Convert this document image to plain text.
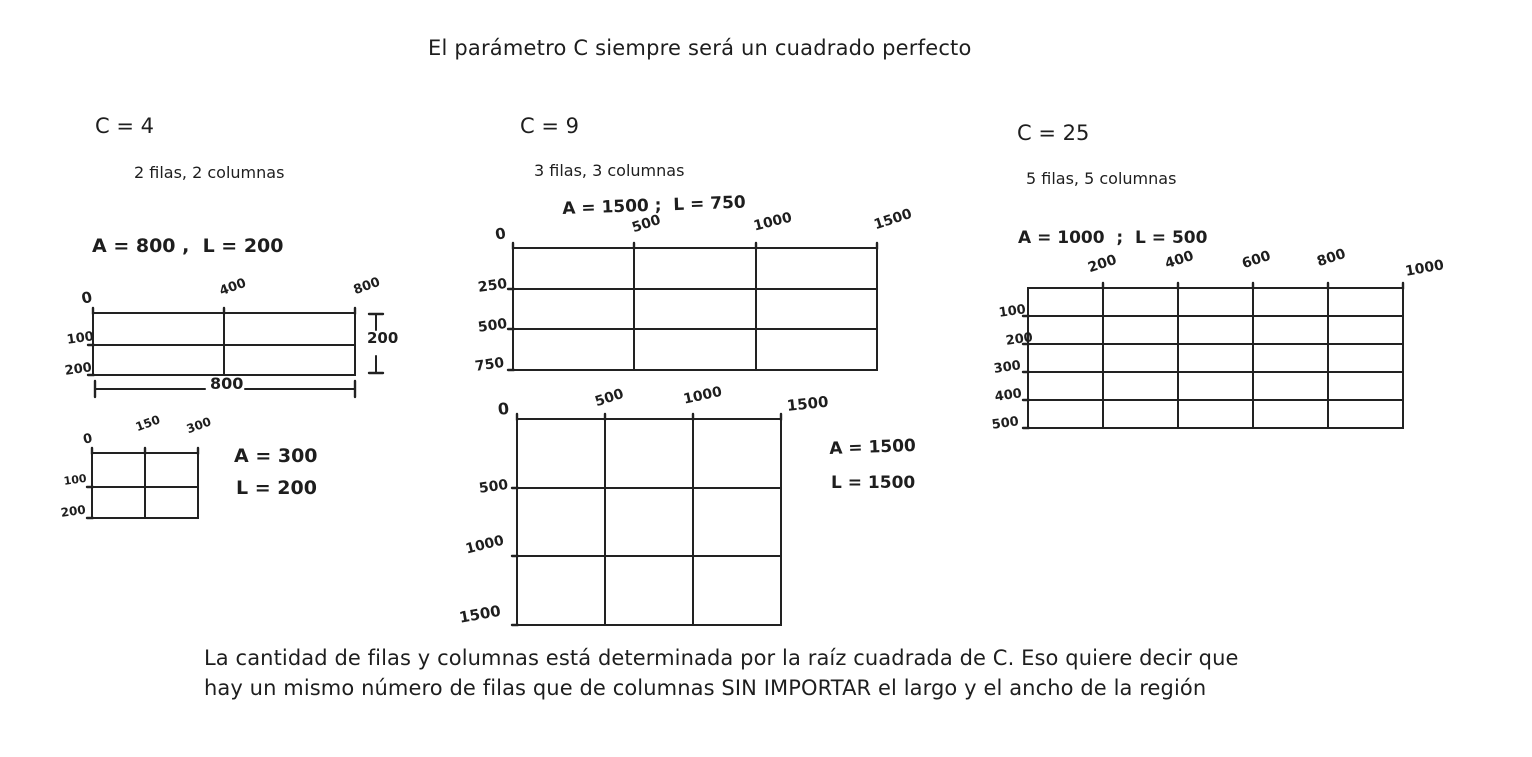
El parámetro C siempre será un cuadrado perfecto
C = 4
2 filas, 2 columnas
A = 800 ,  L = 200
0	400	800
100
200
800
200
0
150 300
100
200
A = 300
L = 200
C = 9
3 filas, 3 columnas
A = 1500 ;  L = 750
0	500	1000	1500
250
500
750
0	500	1000	1500
500
1000
1500
A = 1500
L = 1500
C = 25
5 filas, 5 columnas
A = 1000  ;  L = 500
200	400	600	800	1000
100
200
300
400
500
La cantidad de filas y columnas está determinada por la raíz cuadrada de C. Eso quiere decir que
hay un mismo número de filas que de columnas SIN IMPORTAR el largo y el ancho de la región
